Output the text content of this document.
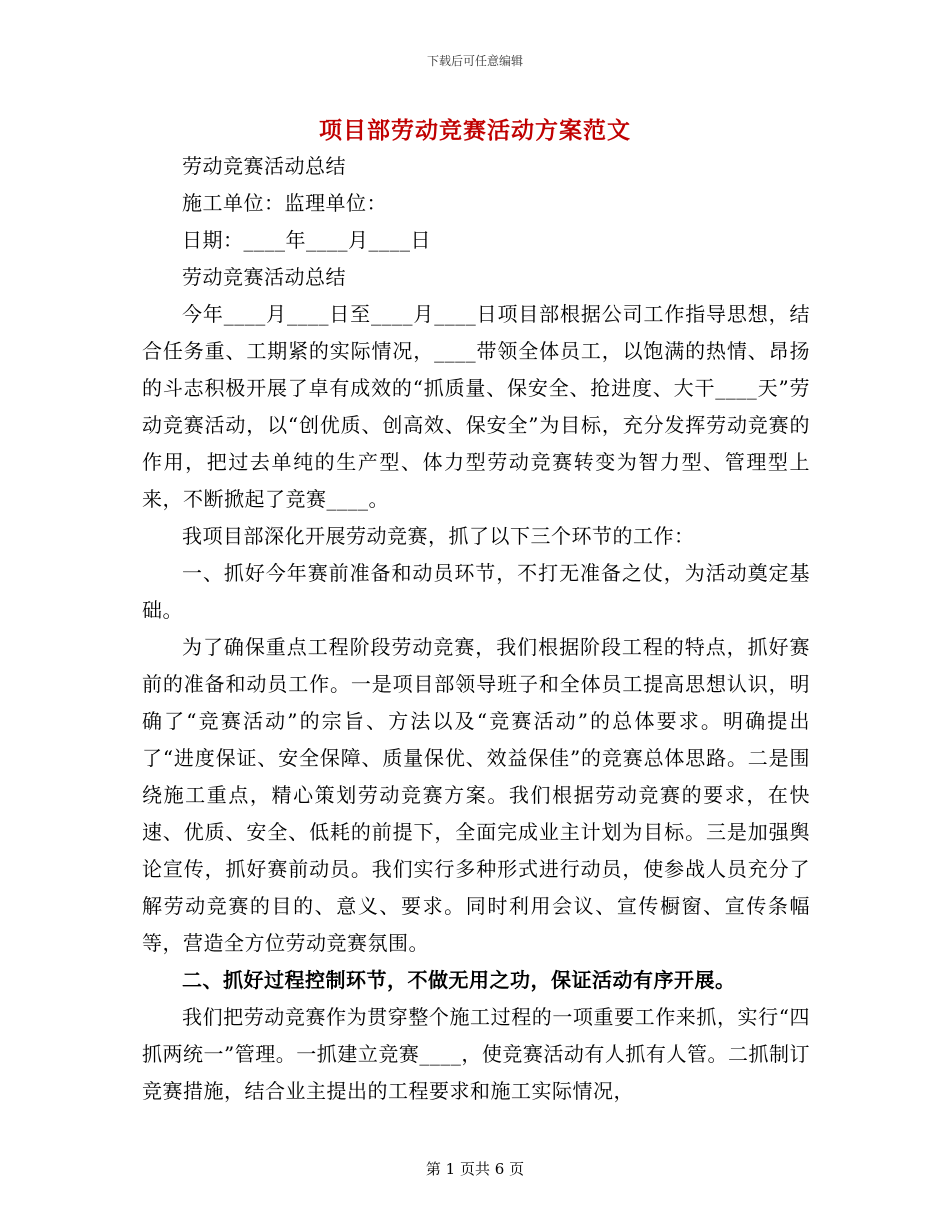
下载后可任意编辑
项目部劳动竞赛活动方案范文

劳动竞赛活动总结

施工单位：监理单位：

日期：____年____月____日

劳动竞赛活动总结

今年____月____日至____月____日项目部根据公司工作指导思想，结合任务重、工期紧的实际情况，____带领全体员工，以饱满的热情、昂扬的斗志积极开展了卓有成效的“抓质量、保安全、抢进度、大干____天”劳动竞赛活动，以“创优质、创高效、保安全”为目标，充分发挥劳动竞赛的作用，把过去单纯的生产型、体力型劳动竞赛转变为智力型、管理型上来，不断掀起了竞赛____。

我项目部深化开展劳动竞赛，抓了以下三个环节的工作：

一、抓好今年赛前准备和动员环节，不打无准备之仗，为活动奠定基础。

为了确保重点工程阶段劳动竞赛，我们根据阶段工程的特点，抓好赛前的准备和动员工作。一是项目部领导班子和全体员工提高思想认识，明确了“竞赛活动”的宗旨、方法以及“竞赛活动”的总体要求。明确提出了“进度保证、安全保障、质量保优、效益保佳”的竞赛总体思路。二是围绕施工重点，精心策划劳动竞赛方案。我们根据劳动竞赛的要求，在快速、优质、安全、低耗的前提下，全面完成业主计划为目标。三是加强舆论宣传，抓好赛前动员。我们实行多种形式进行动员，使参战人员充分了解劳动竞赛的目的、意义、要求。同时利用会议、宣传橱窗、宣传条幅等，营造全方位劳动竞赛氛围。

二、抓好过程控制环节，不做无用之功，保证活动有序开展。

我们把劳动竞赛作为贯穿整个施工过程的一项重要工作来抓，实行“四抓两统一”管理。一抓建立竞赛____，使竞赛活动有人抓有人管。二抓制订竞赛措施，结合业主提出的工程要求和施工实际情况，

第 1 页共 6 页
